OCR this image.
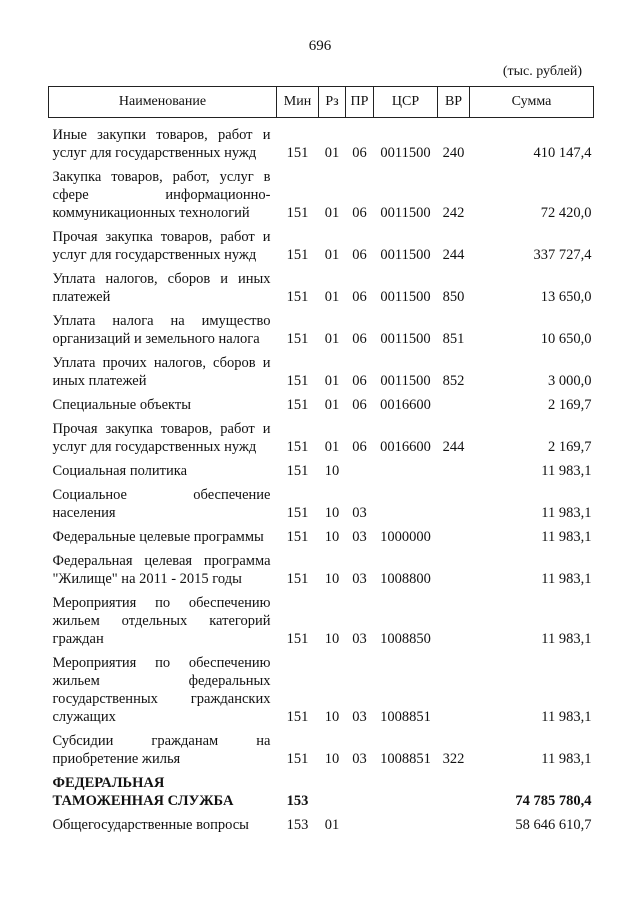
696
(тыс. рублей)
Наименование	Мин	Рз	ПР	ЦСР	ВР	Сумма
Иные закупки товаров, работ и услуг для государственных нужд	151	01	06	0011500	240	410 147,4
Закупка товаров, работ, услуг в сфере информационно-коммуникационных технологий	151	01	06	0011500	242	72 420,0
Прочая закупка товаров, работ и услуг для государственных нужд	151	01	06	0011500	244	337 727,4
Уплата налогов, сборов и иных платежей	151	01	06	0011500	850	13 650,0
Уплата налога на имущество организаций и земельного налога	151	01	06	0011500	851	10 650,0
Уплата прочих налогов, сборов и иных платежей	151	01	06	0011500	852	3 000,0
Специальные объекты	151	01	06	0016600		2 169,7
Прочая закупка товаров, работ и услуг для государственных нужд	151	01	06	0016600	244	2 169,7
Социальная политика	151	10				11 983,1
Социальное обеспечение населения	151	10	03			11 983,1
Федеральные целевые программы	151	10	03	1000000		11 983,1
Федеральная целевая программа "Жилище" на 2011 - 2015 годы	151	10	03	1008800		11 983,1
Мероприятия по обеспечению жильем отдельных категорий граждан	151	10	03	1008850		11 983,1
Мероприятия по обеспечению жильем федеральных государственных гражданских служащих	151	10	03	1008851		11 983,1
Субсидии гражданам на приобретение жилья	151	10	03	1008851	322	11 983,1
ФЕДЕРАЛЬНАЯ ТАМОЖЕННАЯ СЛУЖБА	153					74 785 780,4
Общегосударственные вопросы	153	01				58 646 610,7
